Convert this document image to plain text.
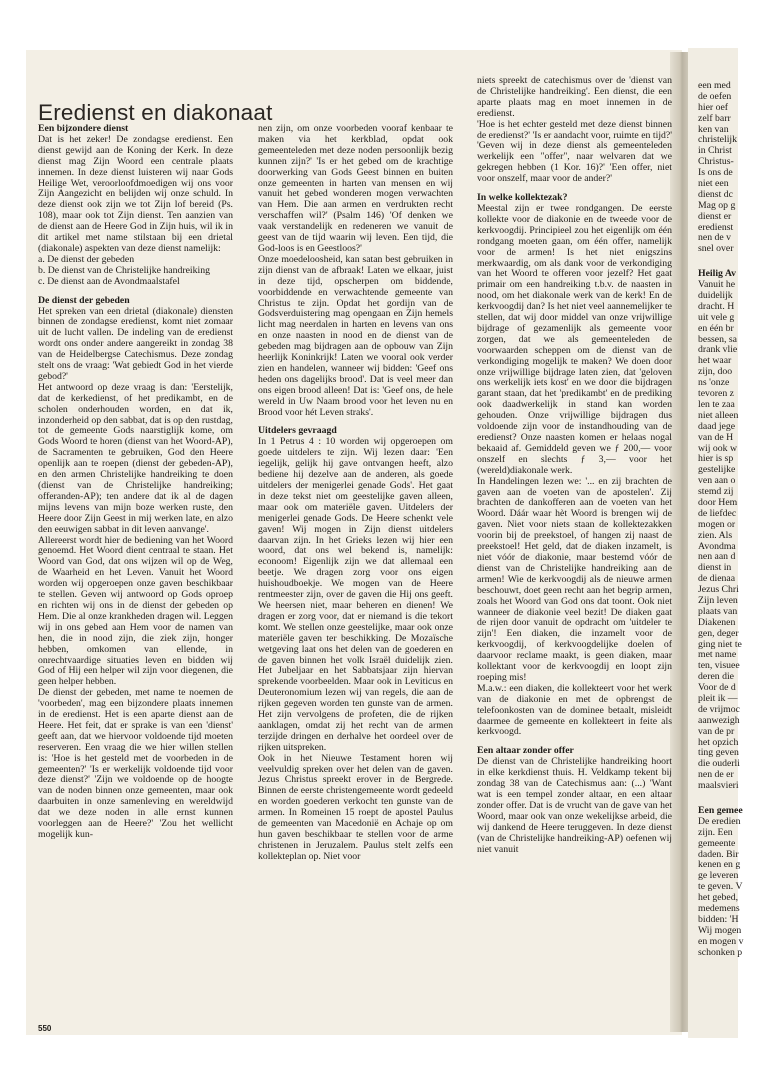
Eredienst en diakonaat
Een bijzondere dienst

Dat is het zeker! De zondagse eredienst. Een dienst gewijd aan de Koning der Kerk. In deze dienst mag Zijn Woord een centrale plaats innemen. In deze dienst luisteren wij naar Gods Heilige Wet, veroorloofdmoedigen wij ons voor Zijn Aangezicht en belijden wij onze schuld. In deze dienst ook zijn we tot Zijn lof bereid (Ps. 108), maar ook tot Zijn dienst. Ten aanzien van de dienst aan de Heere God in Zijn huis, wil ik in dit artikel met name stilstaan bij een drietal (diakonale) aspekten van deze dienst namelijk:

a. De dienst der gebeden

b. De dienst van de Christelijke handreiking

c. De dienst aan de Avondmaalstafel

De dienst der gebeden

Het spreken van een drietal (diakonale) diensten binnen de zondagse eredienst, komt niet zomaar uit de lucht vallen. De indeling van de eredienst wordt ons onder andere aangereikt in zondag 38 van de Heidelbergse Catechismus. Deze zondag stelt ons de vraag: 'Wat gebiedt God in het vierde gebod?'

Het antwoord op deze vraag is dan: 'Eerstelijk, dat de kerkedienst, of het predikambt, en de scholen onderhouden worden, en dat ik, inzonderheid op den sabbat, dat is op den rustdag, tot de gemeente Gods naarstiglijk kome, om Gods Woord te horen (dienst van het Woord-AP), de Sacramenten te gebruiken, God den Heere openlijk aan te roepen (dienst der gebeden-AP), en den armen Christelijke handreiking te doen (dienst van de Christelijke handreiking; offeranden-AP); ten andere dat ik al de dagen mijns levens van mijn boze werken ruste, den Heere door Zijn Geest in mij werken late, en alzo den eeuwigen sabbat in dit leven aanvange'.

Allereerst wordt hier de bediening van het Woord genoemd. Het Woord dient centraal te staan. Het Woord van God, dat ons wijzen wil op de Weg, de Waarheid en het Leven. Vanuit het Woord worden wij opgeroepen onze gaven beschikbaar te stellen. Geven wij antwoord op Gods oproep en richten wij ons in de dienst der gebeden op Hem. Die al onze krankheden dragen wil. Leggen wij in ons gebed aan Hem voor de namen van hen, die in nood zijn, die ziek zijn, honger hebben, omkomen van ellende, in onrechtvaardige situaties leven en bidden wij God of Hij een helper wil zijn voor diegenen, die geen helper hebben.

De dienst der gebeden, met name te noemen de 'voorbeden', mag een bijzondere plaats innemen in de eredienst. Het is een aparte dienst aan de Heere. Het feit, dat er sprake is van een 'dienst' geeft aan, dat we hiervoor voldoende tijd moeten reserveren. Een vraag die we hier willen stellen is: 'Hoe is het gesteld met de voorbeden in de gemeenten?' 'Is er werkelijk voldoende tijd voor deze dienst?' 'Zijn we voldoende op de hoogte van de noden binnen onze gemeenten, maar ook daarbuiten in onze samenleving en wereldwijd dat we deze noden in alle ernst kunnen voorleggen aan de Heere?' 'Zou het wellicht mogelijk kun-

nen zijn, om onze voorbeden vooraf kenbaar te maken via het kerkblad, opdat ook gemeenteleden met deze noden persoonlijk bezig kunnen zijn?' 'Is er het gebed om de krachtige doorwerking van Gods Geest binnen en buiten onze gemeenten in harten van mensen en wij vanuit het gebed wonderen mogen verwachten van Hem. Die aan armen en verdrukten recht verschaffen wil?' (Psalm 146) 'Of denken we vaak verstandelijk en redeneren we vanuit de geest van de tijd waarin wij leven. Een tijd, die God-loos is en Geestloos?'

Onze moedeloosheid, kan satan best gebruiken in zijn dienst van de afbraak! Laten we elkaar, juist in deze tijd, opscherpen om biddende, voorbiddende en verwachtende gemeente van Christus te zijn. Opdat het gordijn van de Godsverduistering mag opengaan en Zijn hemels licht mag neerdalen in harten en levens van ons en onze naasten in nood en de dienst van de gebeden mag bijdragen aan de opbouw van Zijn heerlijk Koninkrijk! Laten we vooral ook verder zien en handelen, wanneer wij bidden: 'Geef ons heden ons dagelijks brood'. Dat is veel meer dan ons eigen brood alleen! Dat is: 'Geef ons, de hele wereld in Uw Naam brood voor het leven nu en Brood voor hét Leven straks'.

Uitdelers gevraagd

In 1 Petrus 4 : 10 worden wij opgeroepen om goede uitdelers te zijn. Wij lezen daar: 'Een iegelijk, gelijk hij gave ontvangen heeft, alzo bediene hij dezelve aan de anderen, als goede uitdelers der menigerlei genade Gods'. Het gaat in deze tekst niet om geestelijke gaven alleen, maar ook om materiële gaven. Uitdelers der menigerlei genade Gods. De Heere schenkt vele gaven! Wij mogen in Zijn dienst uitdelers daarvan zijn. In het Grieks lezen wij hier een woord, dat ons wel bekend is, namelijk: econoom! Eigenlijk zijn we dat allemaal een beetje. We dragen zorg voor ons eigen huishoudboekje. We mogen van de Heere rentmeester zijn, over de gaven die Hij ons geeft. We heersen niet, maar beheren en dienen! We dragen er zorg voor, dat er niemand is die tekort komt. We stellen onze geestelijke, maar ook onze materiële gaven ter beschikking. De Mozaïsche wetgeving laat ons het delen van de goederen en de gaven binnen het volk Israël duidelijk zien. Het Jubeljaar en het Sabbatsjaar zijn hiervan sprekende voorbeelden. Maar ook in Leviticus en Deuteronomium lezen wij van regels, die aan de rijken gegeven worden ten gunste van de armen. Het zijn vervolgens de profeten, die de rijken aanklagen, omdat zij het recht van de armen terzijde dringen en derhalve het oordeel over de rijken uitspreken.

Ook in het Nieuwe Testament horen wij veelvuldig spreken over het delen van de gaven. Jezus Christus spreekt erover in de Bergrede. Binnen de eerste christengemeente wordt gedeeld en worden goederen verkocht ten gunste van de armen. In Romeinen 15 roept de apostel Paulus de gemeenten van Macedonië en Achaje op om hun gaven beschikbaar te stellen voor de arme christenen in Jeruzalem. Paulus stelt zelfs een kollekteplan op. Niet voor

niets spreekt de catechismus over de 'dienst van de Christelijke handreiking'. Een dienst, die een aparte plaats mag en moet innemen in de eredienst.

'Hoe is het echter gesteld met deze dienst binnen de eredienst?' 'Is er aandacht voor, ruimte en tijd?' 'Geven wij in deze dienst als gemeenteleden werkelijk een "offer", naar welvaren dat we gekregen hebben (1 Kor. 16)?' 'Een offer, niet voor onszelf, maar voor de ander?'

In welke kollektezak?

Meestal zijn er twee rondgangen. De eerste kollekte voor de diakonie en de tweede voor de kerkvoogdij. Principieel zou het eigenlijk om één rondgang moeten gaan, om één offer, namelijk voor de armen! Is het niet enigszins merkwaardig, om als dank voor de verkondiging van het Woord te offeren voor jezelf? Het gaat primair om een handreiking t.b.v. de naasten in nood, om het diakonale werk van de kerk! En de kerkvoogdij dan? Is het niet veel aannemelijker te stellen, dat wij door middel van onze vrijwillige bijdrage of gezamenlijk als gemeente voor zorgen, dat we als gemeenteleden de voorwaarden scheppen om de dienst van de verkondiging mogelijk te maken? We doen door onze vrijwillige bijdrage laten zien, dat 'geloven ons werkelijk iets kost' en we door die bijdragen garant staan, dat het 'predikambt' en de prediking ook daadwerkelijk in stand kan worden gehouden. Onze vrijwillige bijdragen dus voldoende zijn voor de instandhouding van de eredienst? Onze naasten komen er helaas nogal bekaaid af. Gemiddeld geven we ƒ 200,— voor onszelf en slechts ƒ 3,— voor het (wereld)diakonale werk.

In Handelingen lezen we: '... en zij brachten de gaven aan de voeten van de apostelen'. Zij brachten de dankofferen aan de voeten van het Woord. Dáár waar hèt Woord is brengen wij de gaven. Niet voor niets staan de kollektezakken voorin bij de preekstoel, of hangen zij naast de preekstoel! Het geld, dat de diaken inzamelt, is niet vóór de diakonie, maar bestemd vóór de dienst van de Christelijke handreiking aan de armen! Wie de kerkvoogdij als de nieuwe armen beschouwt, doet geen recht aan het begrip armen, zoals het Woord van God ons dat toont. Ook niet wanneer de diakonie veel bezit! De diaken gaat de rijen door vanuit de opdracht om 'uitdeler te zijn'! Een diaken, die inzamelt voor de kerkvoogdij, of kerkvoogdelijke doelen of daarvoor reclame maakt, is geen diaken, maar kollektant voor de kerkvoogdij en loopt zijn roeping mis!

M.a.w.: een diaken, die kollekteert voor het werk van de diakonie en met de opbrengst de telefoonkosten van de dominee betaalt, misleidt daarmee de gemeente en kollekteert in feite als kerkvoogd.

Een altaar zonder offer

De dienst van de Christelijke handreiking hoort in elke kerkdienst thuis. H. Veldkamp tekent bij zondag 38 van de Catechismus aan: (...) 'Want wat is een tempel zonder altaar, en een altaar zonder offer. Dat is de vrucht van de gave van het Woord, maar ook van onze wekelijkse arbeid, die wij dankend de Heere teruggeven. In deze dienst (van de Christelijke handreiking-AP) oefenen wij niet vanuit

een med
de oefen
hier oef
zelf barr
ken van
christelijk
in Christ
Christus-
Is ons de
niet een
dienst dc
Mag op g
dienst er
eredienst
nen de v
snel over
Heilig Av
Vanuit he
duidelijk
dracht. H
uit vele g
en één br
bessen, sa
drank vlie
het waar
zijn, doo
ns 'onze
tevoren z
len te zaa
niet alleen
daad jege
van de H
wij ook w
hier is sp
gestelijke
ven aan o
stemd zij
door Hem
de liefdec
mogen or
zien. Als
Avondma
nen aan d
dienst in
de dienaa
Jezus Chri
Zijn leven
plaats van
Diakenen
gen, deger
ging niet te
met name
ten, visuee
deren die
Voor de d
pleit ik —
de vrijmoc
aanwezigh
van de pr
het opzich
ting geven
die ouderli
nen de er
maalsvieri
Een gemee
De eredien
zijn. Een
gemeente
daden. Bir
kenen en g
ge leveren
te geven. V
het gebed,
medemens
bidden: 'H
Wij mogen
en mogen v
schonken p
550
